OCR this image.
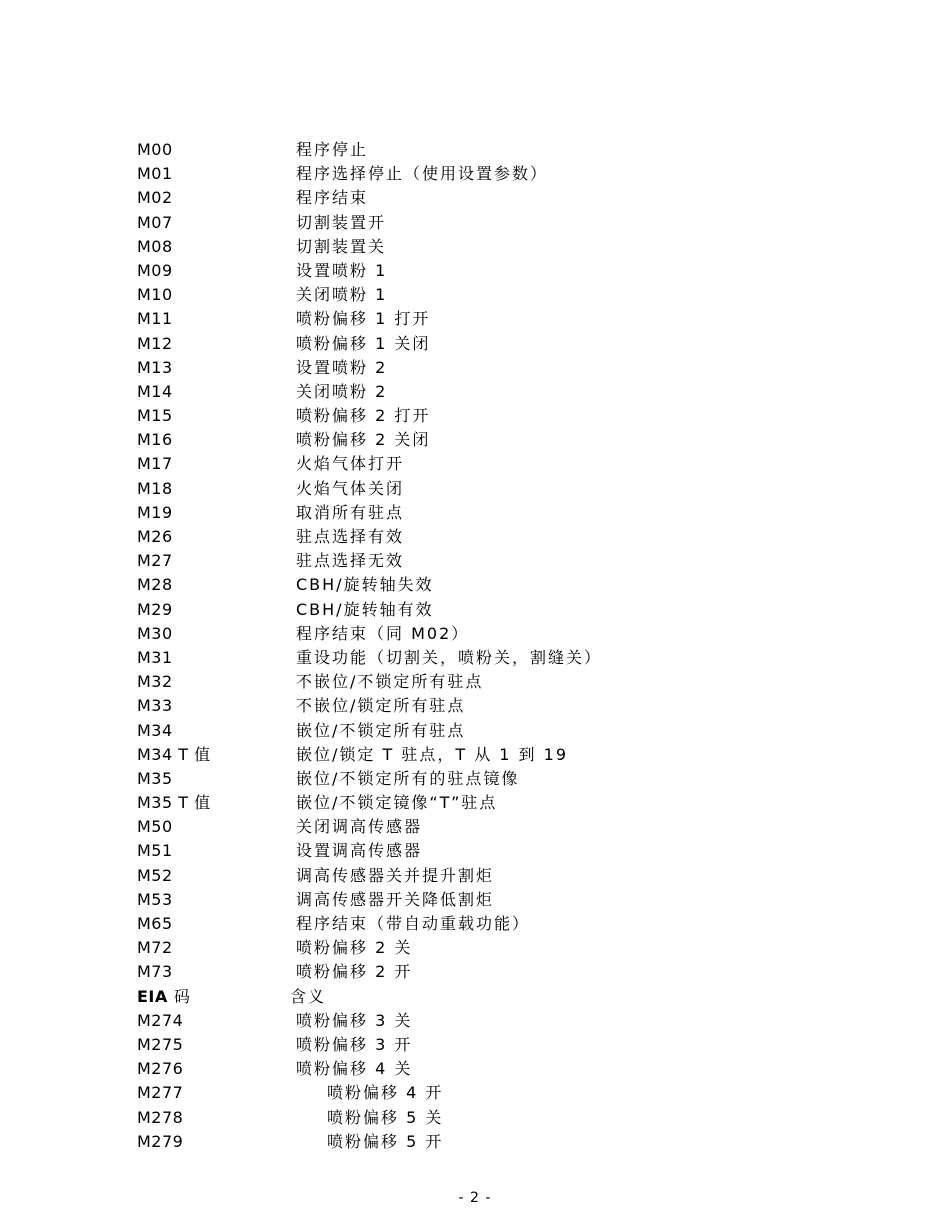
M00	程序停止
M01	程序选择停止（使用设置参数）
M02	程序结束
M07	切割装置开
M08	切割装置关
M09	设置喷粉 1
M10	关闭喷粉 1
M11	喷粉偏移 1 打开
M12	喷粉偏移 1 关闭
M13	设置喷粉 2
M14	关闭喷粉 2
M15	喷粉偏移 2 打开
M16	喷粉偏移 2 关闭
M17	火焰气体打开
M18	火焰气体关闭
M19	取消所有驻点
M26	驻点选择有效
M27	驻点选择无效
M28	CBH/旋转轴失效
M29	CBH/旋转轴有效
M30	程序结束（同 M02）
M31	重设功能（切割关，喷粉关，割缝关）
M32	不嵌位/不锁定所有驻点
M33	不嵌位/锁定所有驻点
M34	嵌位/不锁定所有驻点
M34 T 值	嵌位/锁定 T 驻点，T 从 1 到 19
M35	嵌位/不锁定所有的驻点镜像
M35 T 值	嵌位/不锁定镜像“T”驻点
M50	关闭调高传感器
M51	设置调高传感器
M52	调高传感器关并提升割炬
M53	调高传感器开关降低割炬
M65	程序结束（带自动重载功能）
M72	喷粉偏移 2 关
M73	喷粉偏移 2 开
EIA 码	含义
M274	喷粉偏移 3 关
M275	喷粉偏移 3 开
M276	喷粉偏移 4 关
M277	喷粉偏移 4 开
M278	喷粉偏移 5 关
M279	喷粉偏移 5 开
- 2 -
